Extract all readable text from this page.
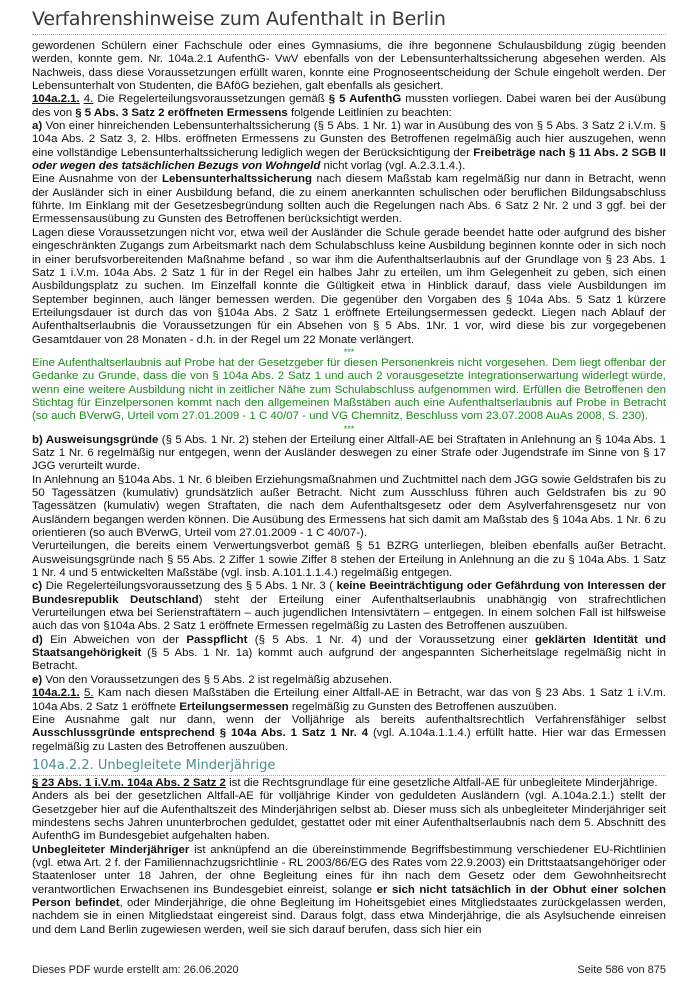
Verfahrenshinweise zum Aufenthalt in Berlin

gewordenen Schülern einer Fachschule oder eines Gymnasiums, die ihre begonnene Schulausbildung zügig beenden werden, konnte gem. Nr. 104a.2.1 AufenthG- VwV ebenfalls von der Lebensunterhaltssicherung abgesehen werden. Als Nachweis, dass diese Voraussetzungen erfüllt waren, konnte eine Prognoseentscheidung der Schule eingeholt werden. Der Lebensunterhalt von Studenten, die BAföG beziehen, galt ebenfalls als gesichert.

104a.2.1. 4. Die Regelerteilungsvoraussetzungen gemäß § 5 AufenthG mussten vorliegen. Dabei waren bei der Ausübung des von § 5 Abs. 3 Satz 2 eröffneten Ermessens folgende Leitlinien zu beachten:

a) Von einer hinreichenden Lebensunterhaltssicherung (§ 5 Abs. 1 Nr. 1) war in Ausübung des von § 5 Abs. 3 Satz 2 i.V.m. § 104a Abs. 2 Satz 3, 2. Hlbs. eröffneten Ermessens zu Gunsten des Betroffenen regelmäßig auch hier auszugehen, wenn eine vollständige Lebensunterhaltssicherung lediglich wegen der Berücksichtigung der Freibeträge nach § 11 Abs. 2 SGB II oder wegen des tatsächlichen Bezugs von Wohngeld nicht vorlag (vgl. A.2.3.1.4.).

Eine Ausnahme von der Lebensunterhaltssicherung nach diesem Maßstab kam regelmäßig nur dann in Betracht, wenn der Ausländer sich in einer Ausbildung befand, die zu einem anerkannten schulischen oder beruflichen Bildungsabschluss führte. Im Einklang mit der Gesetzesbegründung sollten auch die Regelungen nach Abs. 6 Satz 2 Nr. 2 und 3 ggf. bei der Ermessensausübung zu Gunsten des Betroffenen berücksichtigt werden.

Lagen diese Voraussetzungen nicht vor, etwa weil der Ausländer die Schule gerade beendet hatte oder aufgrund des bisher eingeschränkten Zugangs zum Arbeitsmarkt nach dem Schulabschluss keine Ausbildung beginnen konnte oder in sich noch in einer berufsvorbereitenden Maßnahme befand , so war ihm die Aufenthaltserlaubnis auf der Grundlage von § 23 Abs. 1 Satz 1 i.V.m. 104a Abs. 2 Satz 1 für in der Regel ein halbes Jahr zu erteilen, um ihm Gelegenheit zu geben, sich einen Ausbildungsplatz zu suchen. Im Einzelfall konnte die Gültigkeit etwa in Hinblick darauf, dass viele Ausbildungen im September beginnen, auch länger bemessen werden. Die gegenüber den Vorgaben des § 104a Abs. 5 Satz 1 kürzere Erteilungsdauer ist durch das von §104a Abs. 2 Satz 1 eröffnete Erteilungsermessen gedeckt. Liegen nach Ablauf der Aufenthaltserlaubnis die Voraussetzungen für ein Absehen von § 5 Abs. 1Nr. 1 vor, wird diese bis zur vorgegebenen Gesamtdauer von 28 Monaten - d.h. in der Regel um 22 Monate verlängert.

***

Eine Aufenthaltserlaubnis auf Probe hat der Gesetzgeber für diesen Personenkreis nicht vorgesehen. Dem liegt offenbar der Gedanke zu Grunde, dass die von § 104a Abs. 2 Satz 1 und auch 2 vorausgesetzte Integrationserwartung widerlegt würde, wenn eine weitere Ausbildung nicht in zeitlicher Nähe zum Schulabschluss aufgenommen wird. Erfüllen die Betroffenen den Stichtag für Einzelpersonen kommt nach den allgemeinen Maßstäben auch eine Aufenthaltserlaubnis auf Probe in Betracht (so auch BVerwG, Urteil vom 27.01.2009 - 1 C 40/07 - und VG Chemnitz, Beschluss vom 23.07.2008 AuAs 2008, S. 230).

***

b) Ausweisungsgründe (§ 5 Abs. 1 Nr. 2) stehen der Erteilung einer Altfall-AE bei Straftaten in Anlehnung an § 104a Abs. 1 Satz 1 Nr. 6 regelmäßig nur entgegen, wenn der Ausländer deswegen zu einer Strafe oder Jugendstrafe im Sinne von § 17 JGG verurteilt wurde.

In Anlehnung an §104a Abs. 1 Nr. 6 bleiben Erziehungsmaßnahmen und Zuchtmittel nach dem JGG sowie Geldstrafen bis zu 50 Tagessätzen (kumulativ) grundsätzlich außer Betracht. Nicht zum Ausschluss führen auch Geldstrafen bis zu 90 Tagessätzen (kumulativ) wegen Straftaten, die nach dem Aufenthaltsgesetz oder dem Asylverfahrensgesetz nur von Ausländern begangen werden können. Die Ausübung des Ermessens hat sich damit am Maßstab des § 104a Abs. 1 Nr. 6 zu orientieren (so auch BVerwG, Urteil vom 27.01.2009 - 1 C 40/07-).

Verurteilungen, die bereits einem Verwertungsverbot gemäß § 51 BZRG unterliegen, bleiben ebenfalls außer Betracht. Ausweisungsgründe nach § 55 Abs. 2 Ziffer 1 sowie Ziffer 8 stehen der Erteilung in Anlehnung an die zu § 104a Abs. 1 Satz 1 Nr. 4 und 5 entwickelten Maßstäbe (vgl. insb. A.101.1.1.4.) regelmäßig entgegen.

c) Die Regelerteilungsvoraussetzung des § 5 Abs. 1 Nr. 3 ( keine Beeinträchtigung oder Gefährdung von Interessen der Bundesrepublik Deutschland) steht der Erteilung einer Aufenthaltserlaubnis unabhängig von strafrechtlichen Verurteilungen etwa bei Serienstraftätern – auch jugendlichen Intensivtätern – entgegen. In einem solchen Fall ist hilfsweise auch das von §104a Abs. 2 Satz 1 eröffnete Ermessen regelmäßig zu Lasten des Betroffenen auszuüben.

d) Ein Abweichen von der Passpflicht (§ 5 Abs. 1 Nr. 4) und der Voraussetzung einer geklärten Identität und Staatsangehörigkeit (§ 5 Abs. 1 Nr. 1a) kommt auch aufgrund der angespannten Sicherheitslage regelmäßig nicht in Betracht.

e) Von den Voraussetzungen des § 5 Abs. 2 ist regelmäßig abzusehen.

104a.2.1. 5. Kam nach diesen Maßstäben die Erteilung einer Altfall-AE in Betracht, war das von § 23 Abs. 1 Satz 1 i.V.m. 104a Abs. 2 Satz 1 eröffnete Erteilungsermessen regelmäßig zu Gunsten des Betroffenen auszuüben.

Eine Ausnahme galt nur dann, wenn der Volljährige als bereits aufenthaltsrechtlich Verfahrensfähiger selbst Ausschlussgründe entsprechend § 104a Abs. 1 Satz 1 Nr. 4 (vgl. A.104a.1.1.4.) erfüllt hatte. Hier war das Ermessen regelmäßig zu Lasten des Betroffenen auszuüben.

104a.2.2. Unbegleitete Minderjährige

§ 23 Abs. 1 i.V.m. 104a Abs. 2 Satz 2 ist die Rechtsgrundlage für eine gesetzliche Altfall-AE für unbegleitete Minderjährige.

Anders als bei der gesetzlichen Altfall-AE für volljährige Kinder von geduldeten Ausländern (vgl. A.104a.2.1.) stellt der Gesetzgeber hier auf die Aufenthaltszeit des Minderjährigen selbst ab. Dieser muss sich als unbegleiteter Minderjähriger seit mindestens sechs Jahren ununterbrochen geduldet, gestattet oder mit einer Aufenthaltserlaubnis nach dem 5. Abschnitt des AufenthG im Bundesgebiet aufgehalten haben.

Unbegleiteter Minderjähriger ist anknüpfend an die übereinstimmende Begriffsbestimmung verschiedener EU-Richtlinien (vgl. etwa Art. 2 f. der Familiennachzugsrichtlinie - RL 2003/86/EG des Rates vom 22.9.2003) ein Drittstaatsangehöriger oder Staatenloser unter 18 Jahren, der ohne Begleitung eines für ihn nach dem Gesetz oder dem Gewohnheitsrecht verantwortlichen Erwachsenen ins Bundesgebiet einreist, solange er sich nicht tatsächlich in der Obhut einer solchen Person befindet, oder Minderjährige, die ohne Begleitung im Hoheitsgebiet eines Mitgliedstaates zurückgelassen werden, nachdem sie in einen Mitgliedstaat eingereist sind. Daraus folgt, dass etwa Minderjährige, die als Asylsuchende einreisen und dem Land Berlin zugewiesen werden, weil sie sich darauf berufen, dass sich hier ein

Dieses PDF wurde erstellt am: 26.06.2020	Seite 586 von 875
